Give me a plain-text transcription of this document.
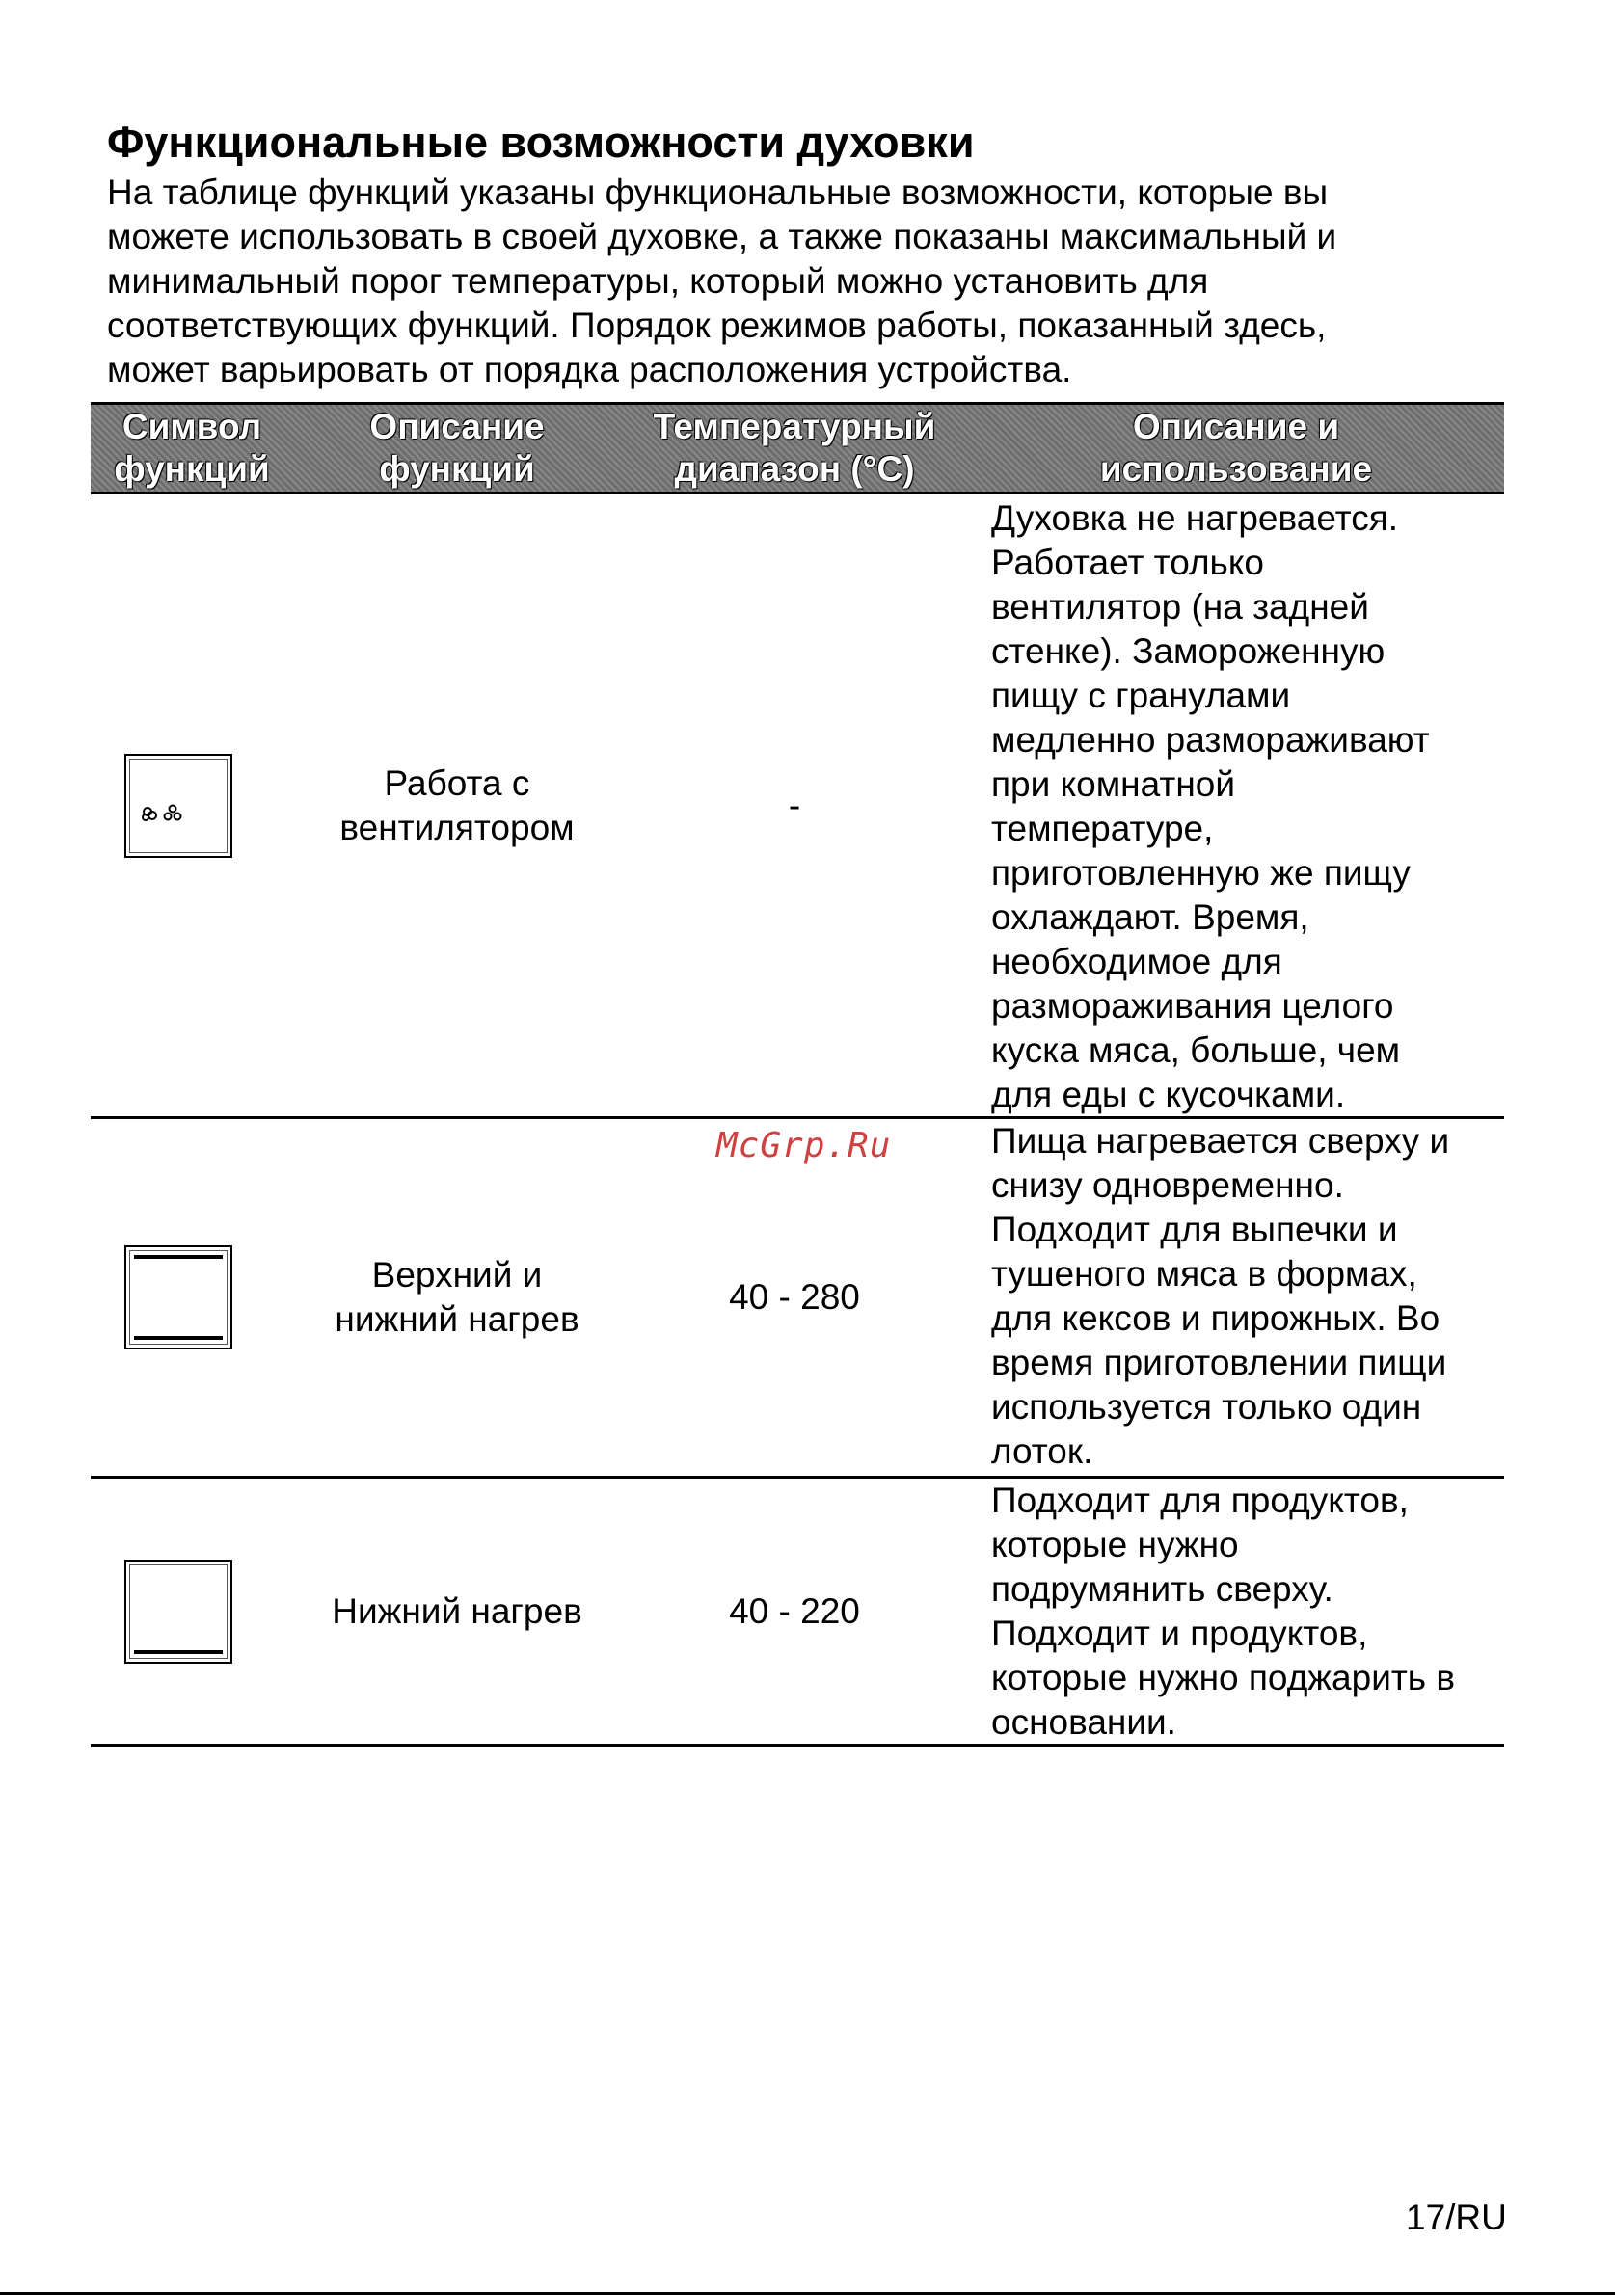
Функциональные возможности духовки
На таблице функций указаны функциональные возможности, которые вы
можете использовать в своей духовке, а также показаны максимальный и
минимальный порог температуры, который можно установить для
соответствующих функций. Порядок режимов работы, показанный здесь,
может варьировать от порядка расположения устройства.
Символ
функций
Описание
функций
Температурный
диапазон (°C)
Описание и
использование
Работа с
вентилятором
-
Духовка не нагревается.
Работает только
вентилятор (на задней
стенке). Замороженную
пищу с гранулами
медленно размораживают
при комнатной
температуре,
приготовленную же пищу
охлаждают. Время,
необходимое для
размораживания целого
куска мяса, больше, чем
для еды с кусочками.
Верхний и
нижний нагрев
40 - 280
Пища нагревается сверху и
снизу одновременно.
Подходит для выпечки и
тушеного мяса в формах,
для кексов и пирожных. Во
время приготовлении пищи
используется только один
лоток.
Нижний нагрев	40 - 220
Подходит для продуктов,
которые нужно
подрумянить сверху.
Подходит и продуктов,
которые нужно поджарить в
основании.
McGrp.Ru
17/RU
